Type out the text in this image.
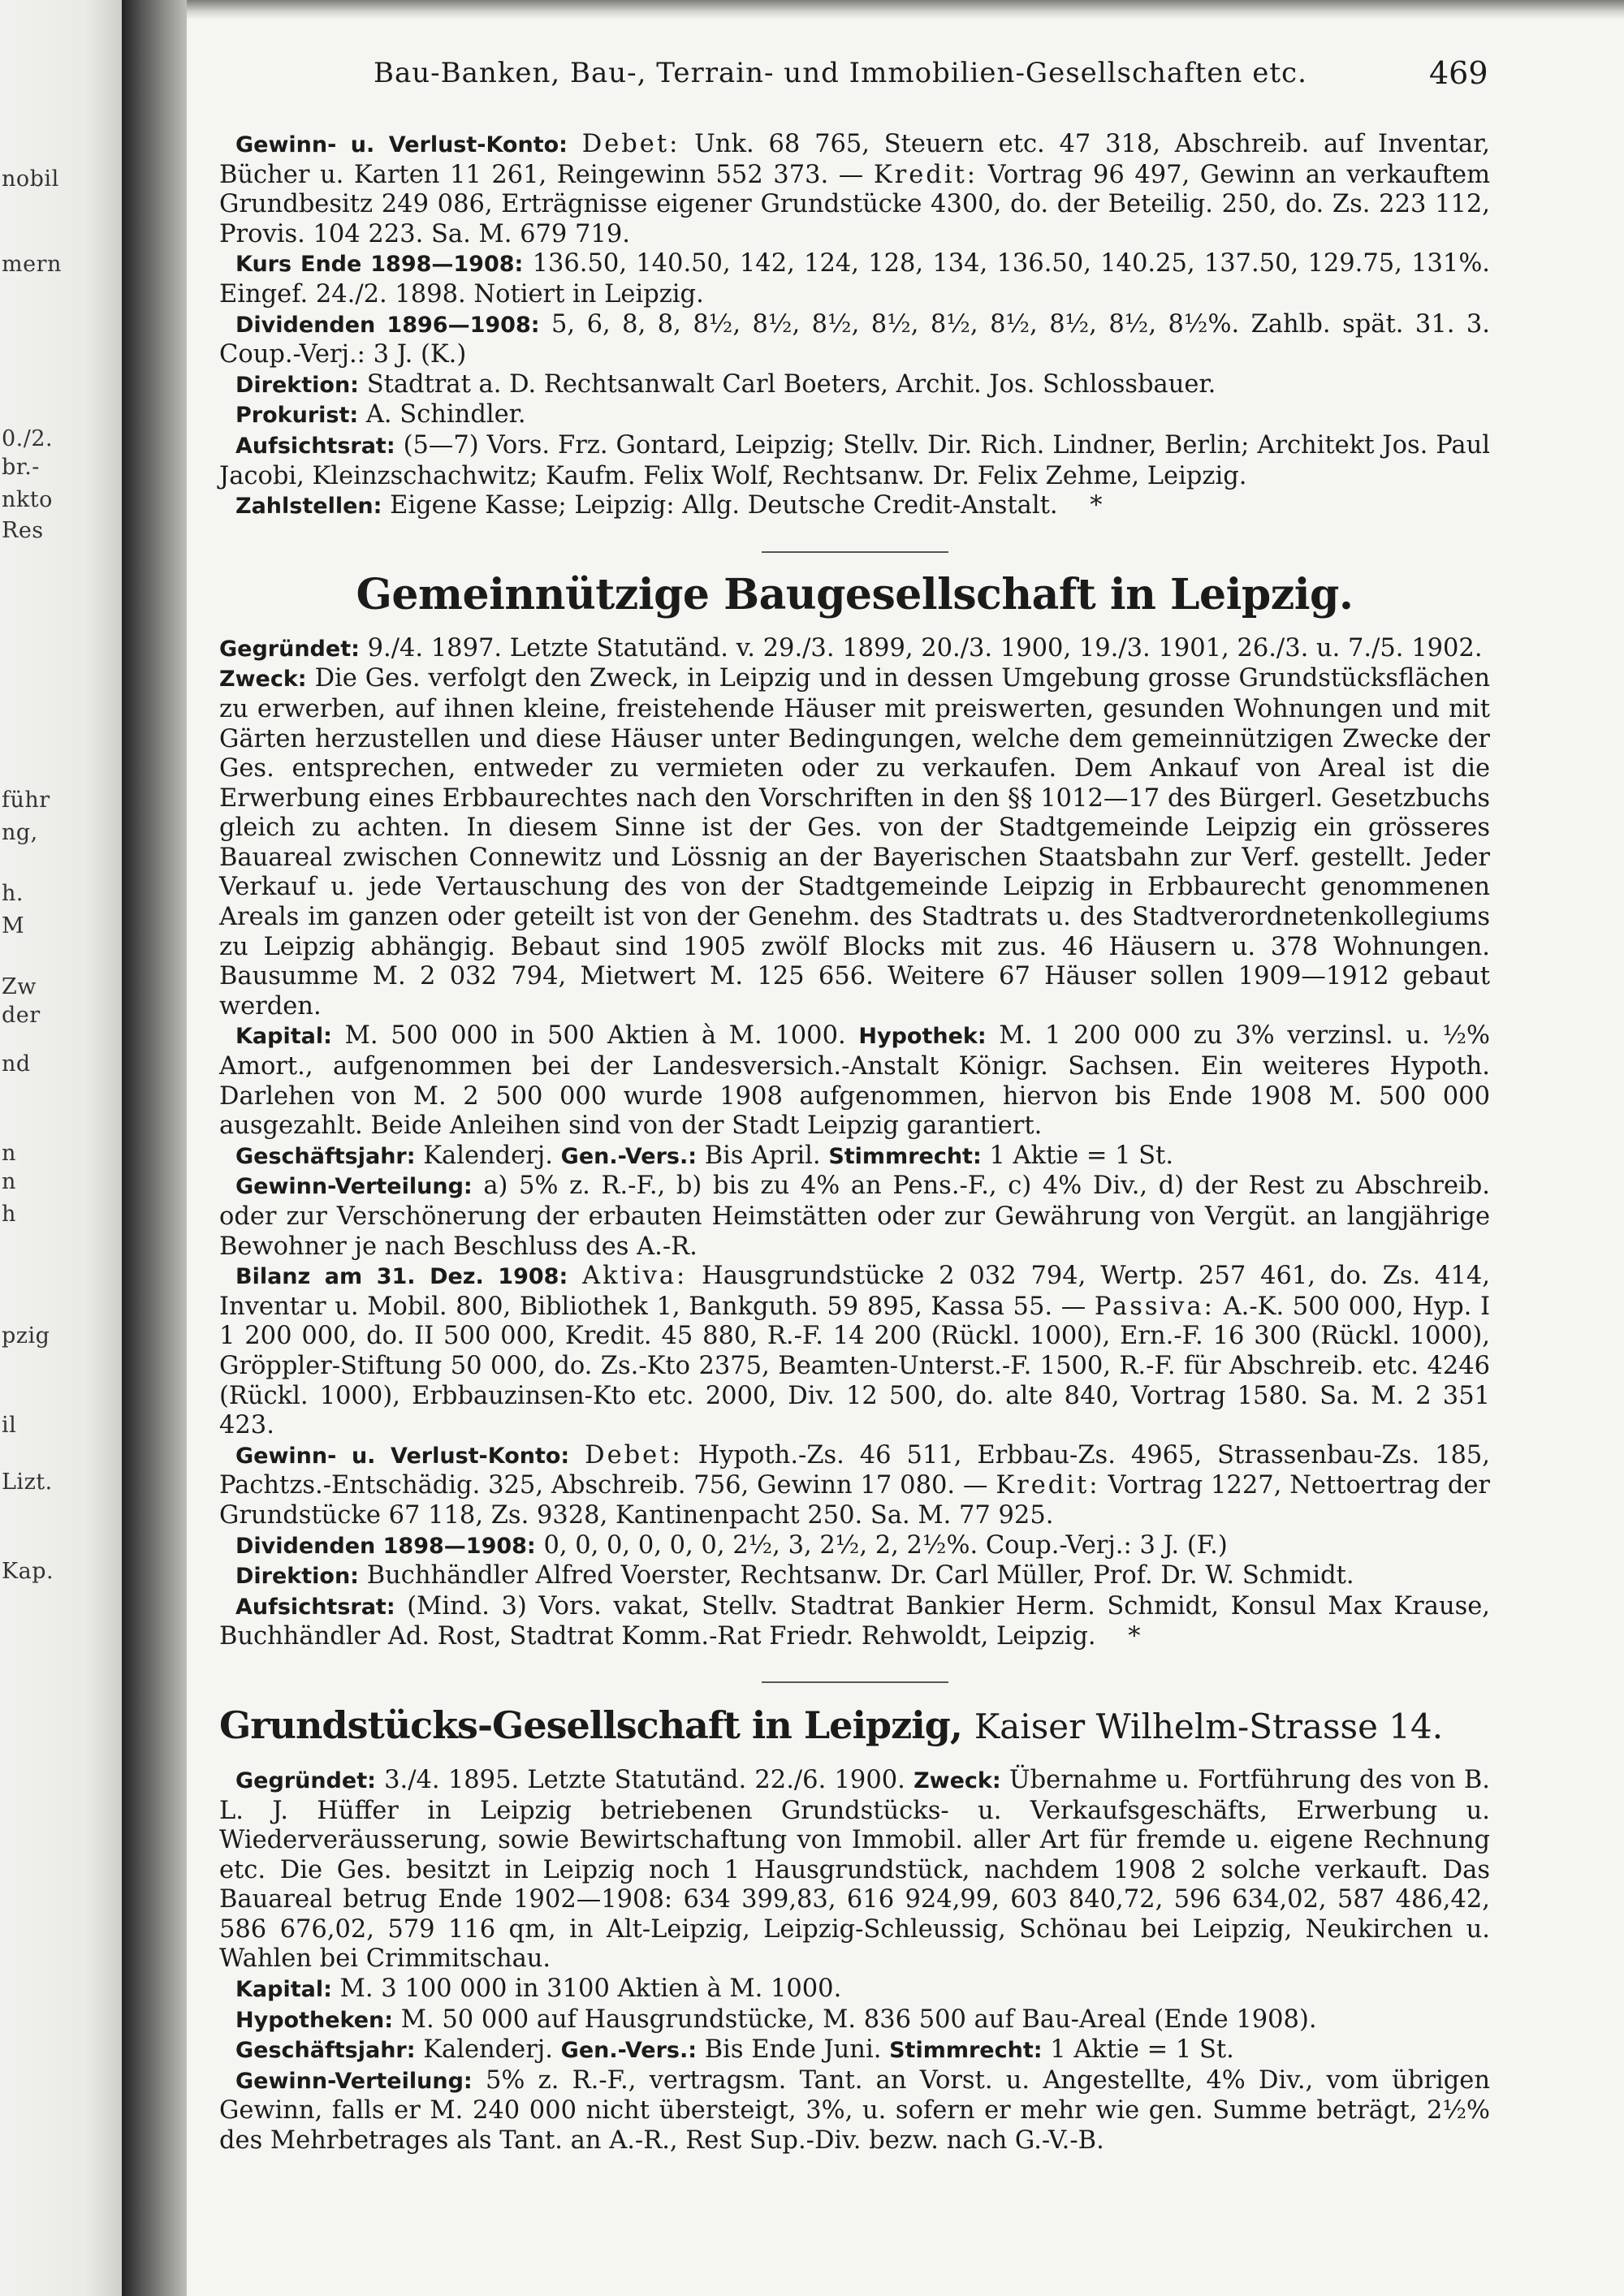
nobil
mern
0./2.
br.-
nkto
Res
führ
ng,
h.
M
Zw
der
nd
n
n
h
pzig
il
Lizt.
Kap.
Bau-Banken, Bau-, Terrain- und Immobilien-Gesellschaften etc.	469

Gewinn- u. Verlust-Konto: Debet: Unk. 68 765, Steuern etc. 47 318, Abschreib. auf Inventar, Bücher u. Karten 11 261, Reingewinn 552 373. — Kredit: Vortrag 96 497, Gewinn an verkauftem Grundbesitz 249 086, Erträgnisse eigener Grundstücke 4300, do. der Beteilig. 250, do. Zs. 223 112, Provis. 104 223. Sa. M. 679 719.

Kurs Ende 1898—1908: 136.50, 140.50, 142, 124, 128, 134, 136.50, 140.25, 137.50, 129.75, 131%. Eingef. 24./2. 1898. Notiert in Leipzig.

Dividenden 1896—1908: 5, 6, 8, 8, 8½, 8½, 8½, 8½, 8½, 8½, 8½, 8½, 8½%. Zahlb. spät. 31. 3. Coup.-Verj.: 3 J. (K.)

Direktion: Stadtrat a. D. Rechtsanwalt Carl Boeters, Archit. Jos. Schlossbauer.

Prokurist: A. Schindler.

Aufsichtsrat: (5—7) Vors. Frz. Gontard, Leipzig; Stellv. Dir. Rich. Lindner, Berlin; Architekt Jos. Paul Jacobi, Kleinzschachwitz; Kaufm. Felix Wolf, Rechtsanw. Dr. Felix Zehme, Leipzig.

Zahlstellen: Eigene Kasse; Leipzig: Allg. Deutsche Credit-Anstalt. *

Gemeinnützige Baugesellschaft in Leipzig.

Gegründet: 9./4. 1897. Letzte Statutänd. v. 29./3. 1899, 20./3. 1900, 19./3. 1901, 26./3. u. 7./5. 1902.

Zweck: Die Ges. verfolgt den Zweck, in Leipzig und in dessen Umgebung grosse Grundstücksflächen zu erwerben, auf ihnen kleine, freistehende Häuser mit preiswerten, gesunden Wohnungen und mit Gärten herzustellen und diese Häuser unter Bedingungen, welche dem gemeinnützigen Zwecke der Ges. entsprechen, entweder zu vermieten oder zu verkaufen. Dem Ankauf von Areal ist die Erwerbung eines Erbbaurechtes nach den Vorschriften in den §§ 1012—17 des Bürgerl. Gesetzbuchs gleich zu achten. In diesem Sinne ist der Ges. von der Stadtgemeinde Leipzig ein grösseres Bauareal zwischen Connewitz und Lössnig an der Bayerischen Staatsbahn zur Verf. gestellt. Jeder Verkauf u. jede Vertauschung des von der Stadtgemeinde Leipzig in Erbbaurecht genommenen Areals im ganzen oder geteilt ist von der Genehm. des Stadtrats u. des Stadtverordnetenkollegiums zu Leipzig abhängig. Bebaut sind 1905 zwölf Blocks mit zus. 46 Häusern u. 378 Wohnungen. Bausumme M. 2 032 794, Mietwert M. 125 656. Weitere 67 Häuser sollen 1909—1912 gebaut werden.

Kapital: M. 500 000 in 500 Aktien à M. 1000. Hypothek: M. 1 200 000 zu 3% verzinsl. u. ½% Amort., aufgenommen bei der Landesversich.-Anstalt Königr. Sachsen. Ein weiteres Hypoth. Darlehen von M. 2 500 000 wurde 1908 aufgenommen, hiervon bis Ende 1908 M. 500 000 ausgezahlt. Beide Anleihen sind von der Stadt Leipzig garantiert.

Geschäftsjahr: Kalenderj. Gen.-Vers.: Bis April. Stimmrecht: 1 Aktie = 1 St.

Gewinn-Verteilung: a) 5% z. R.-F., b) bis zu 4% an Pens.-F., c) 4% Div., d) der Rest zu Abschreib. oder zur Verschönerung der erbauten Heimstätten oder zur Gewährung von Vergüt. an langjährige Bewohner je nach Beschluss des A.-R.

Bilanz am 31. Dez. 1908: Aktiva: Hausgrundstücke 2 032 794, Wertp. 257 461, do. Zs. 414, Inventar u. Mobil. 800, Bibliothek 1, Bankguth. 59 895, Kassa 55. — Passiva: A.-K. 500 000, Hyp. I 1 200 000, do. II 500 000, Kredit. 45 880, R.-F. 14 200 (Rückl. 1000), Ern.-F. 16 300 (Rückl. 1000), Gröppler-Stiftung 50 000, do. Zs.-Kto 2375, Beamten-Unterst.-F. 1500, R.-F. für Abschreib. etc. 4246 (Rückl. 1000), Erbbauzinsen-Kto etc. 2000, Div. 12 500, do. alte 840, Vortrag 1580. Sa. M. 2 351 423.

Gewinn- u. Verlust-Konto: Debet: Hypoth.-Zs. 46 511, Erbbau-Zs. 4965, Strassenbau-Zs. 185, Pachtzs.-Entschädig. 325, Abschreib. 756, Gewinn 17 080. — Kredit: Vortrag 1227, Nettoertrag der Grundstücke 67 118, Zs. 9328, Kantinenpacht 250. Sa. M. 77 925.

Dividenden 1898—1908: 0, 0, 0, 0, 0, 0, 2½, 3, 2½, 2, 2½%. Coup.-Verj.: 3 J. (F.)

Direktion: Buchhändler Alfred Voerster, Rechtsanw. Dr. Carl Müller, Prof. Dr. W. Schmidt.

Aufsichtsrat: (Mind. 3) Vors. vakat, Stellv. Stadtrat Bankier Herm. Schmidt, Konsul Max Krause, Buchhändler Ad. Rost, Stadtrat Komm.-Rat Friedr. Rehwoldt, Leipzig. *

Grundstücks-Gesellschaft in Leipzig, Kaiser Wilhelm-Strasse 14.

Gegründet: 3./4. 1895. Letzte Statutänd. 22./6. 1900. Zweck: Übernahme u. Fortführung des von B. L. J. Hüffer in Leipzig betriebenen Grundstücks- u. Verkaufsgeschäfts, Erwerbung u. Wiederveräusserung, sowie Bewirtschaftung von Immobil. aller Art für fremde u. eigene Rechnung etc. Die Ges. besitzt in Leipzig noch 1 Hausgrundstück, nachdem 1908 2 solche verkauft. Das Bauareal betrug Ende 1902—1908: 634 399,83, 616 924,99, 603 840,72, 596 634,02, 587 486,42, 586 676,02, 579 116 qm, in Alt-Leipzig, Leipzig-Schleussig, Schönau bei Leipzig, Neukirchen u. Wahlen bei Crimmitschau.

Kapital: M. 3 100 000 in 3100 Aktien à M. 1000.

Hypotheken: M. 50 000 auf Hausgrundstücke, M. 836 500 auf Bau-Areal (Ende 1908).

Geschäftsjahr: Kalenderj. Gen.-Vers.: Bis Ende Juni. Stimmrecht: 1 Aktie = 1 St.

Gewinn-Verteilung: 5% z. R.-F., vertragsm. Tant. an Vorst. u. Angestellte, 4% Div., vom übrigen Gewinn, falls er M. 240 000 nicht übersteigt, 3%, u. sofern er mehr wie gen. Summe beträgt, 2½% des Mehrbetrages als Tant. an A.-R., Rest Sup.-Div. bezw. nach G.-V.-B.
